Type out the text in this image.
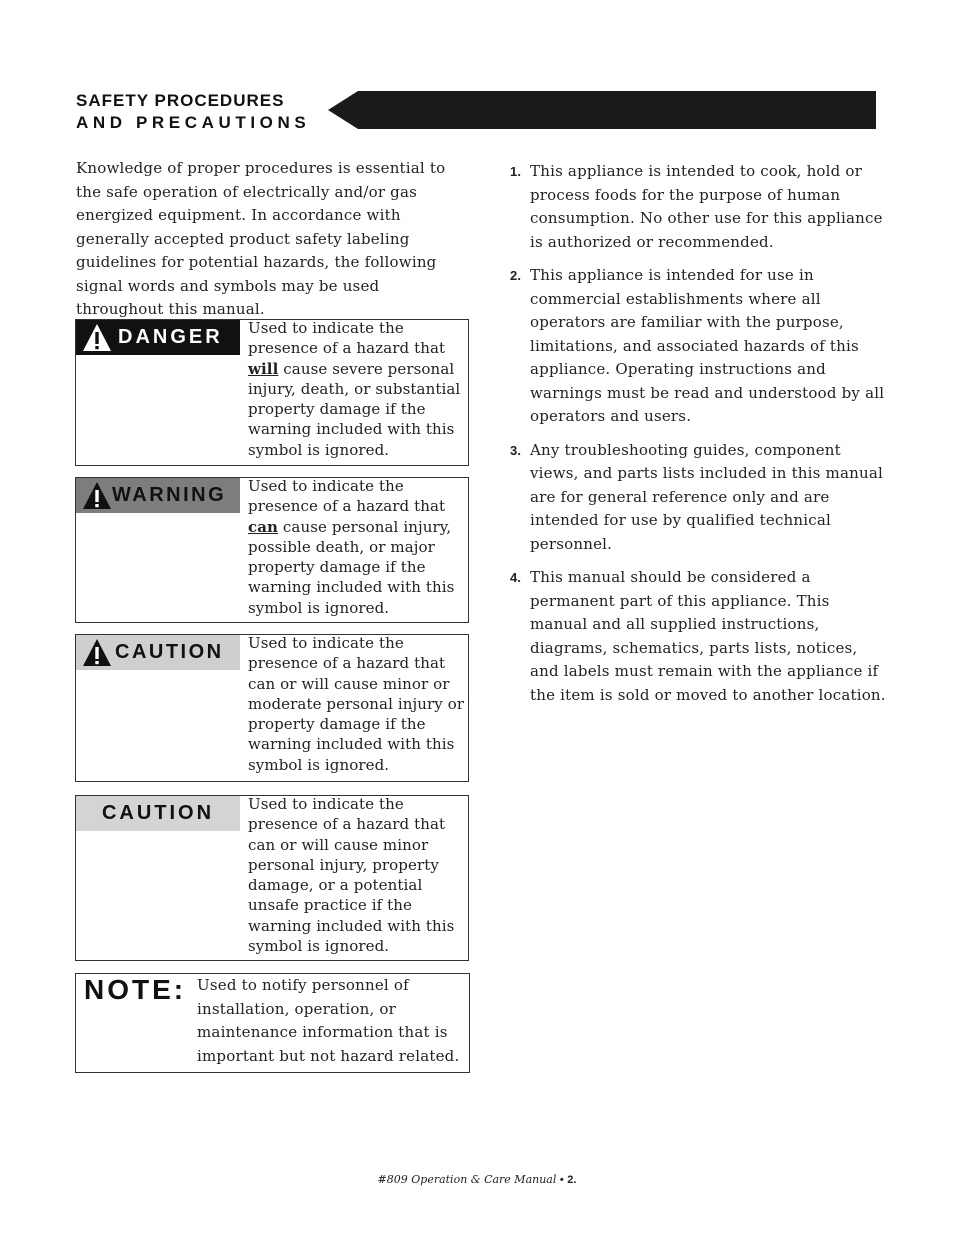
SAFETY PROCEDURES
AND PRECAUTIONS
Knowledge of proper procedures is essential to the safe operation of electrically and/or gas energized equipment. In accordance with generally accepted product safety labeling guidelines for potential hazards, the following signal words and symbols may be used throughout this manual.
DANGER Used to indicate the presence of a hazard that will cause severe personal injury, death, or substantial property damage if the warning included with this symbol is ignored.
WARNING Used to indicate the presence of a hazard that can cause personal injury, possible death, or major property damage if the warning included with this symbol is ignored.
CAUTION Used to indicate the presence of a hazard that can or will cause minor or moderate personal injury or property damage if the warning included with this symbol is ignored.
CAUTION Used to indicate the presence of a hazard that can or will cause minor personal injury, property damage, or a potential unsafe practice if the warning included with this symbol is ignored.
NOTE: Used to notify personnel of installation, operation, or maintenance information that is important but not hazard related.
1. This appliance is intended to cook, hold or process foods for the purpose of human consumption. No other use for this appliance is authorized or recommended.
2. This appliance is intended for use in commercial establishments where all operators are familiar with the purpose, limitations, and associated hazards of this appliance. Operating instructions and warnings must be read and understood by all operators and users.
3. Any troubleshooting guides, component views, and parts lists included in this manual are for general reference only and are intended for use by qualified technical personnel.
4. This manual should be considered a permanent part of this appliance. This manual and all supplied instructions, diagrams, schematics, parts lists, notices, and labels must remain with the appliance if the item is sold or moved to another location.
#809 Operation & Care Manual • 2.
